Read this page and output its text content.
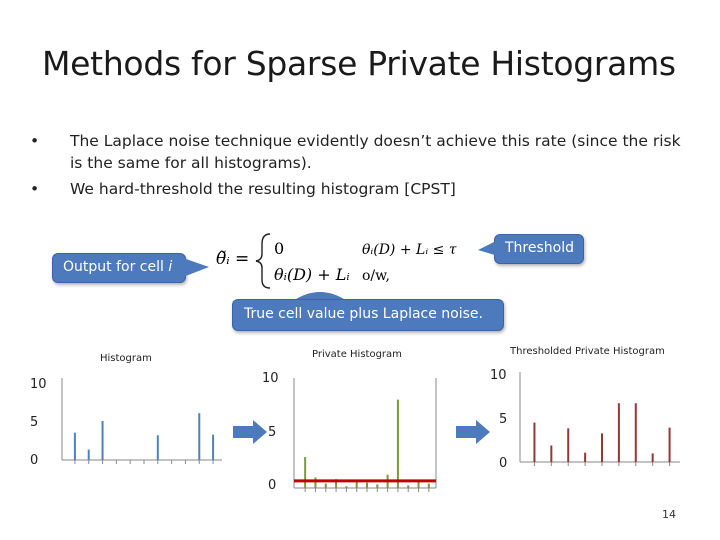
Methods for Sparse Private Histograms
• The Laplace noise technique evidently doesn’t achieve this rate (since the risk is the same for all histograms).
• We hard-threshold the resulting histogram [CPST]
Output for cell i
Threshold
True cell value plus Laplace noise.
θ̃ᵢ =
0	θᵢ(D) + Lᵢ ≤ τ
θᵢ(D) + Lᵢ o/w,
Histogram	Private Histogram	Thresholded Private Histogram
10
5
0
10
5
0
10
5
0
14
